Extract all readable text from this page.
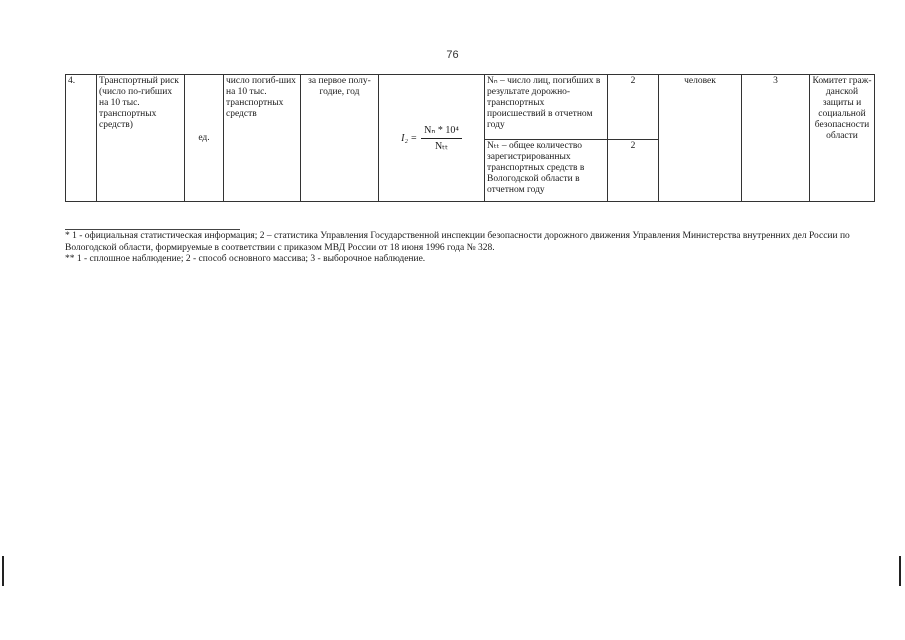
76
4.	Транспортный риск (число по-гибших на 10 тыс. транспортных средств)	ед.	число погиб-ших на 10 тыс. транспортных средств	за первое полу-годие, год	$I_2 = \frac{\text{Nₙ * 10⁴}}{\text{Nₜₜ}}$	Nₙ – число лиц, погибших в результате дорожно-транспортных происшествий в отчетном году	2	человек	3	Комитет граж-данской защиты и социальной безопасности области
						Nₜₜ – общее количество зарегистрированных транспортных средств в Вологодской области в отчетном году	2			

* 1 - официальная статистическая информация; 2 – статистика Управления Государственной инспекции безопасности дорожного движения Управления Министерства внутренних дел России по Вологодской области, формируемые в соответствии с приказом МВД России от 18 июня 1996 года № 328.

** 1 - сплошное наблюдение; 2 - способ основного массива; 3 - выборочное наблюдение.
